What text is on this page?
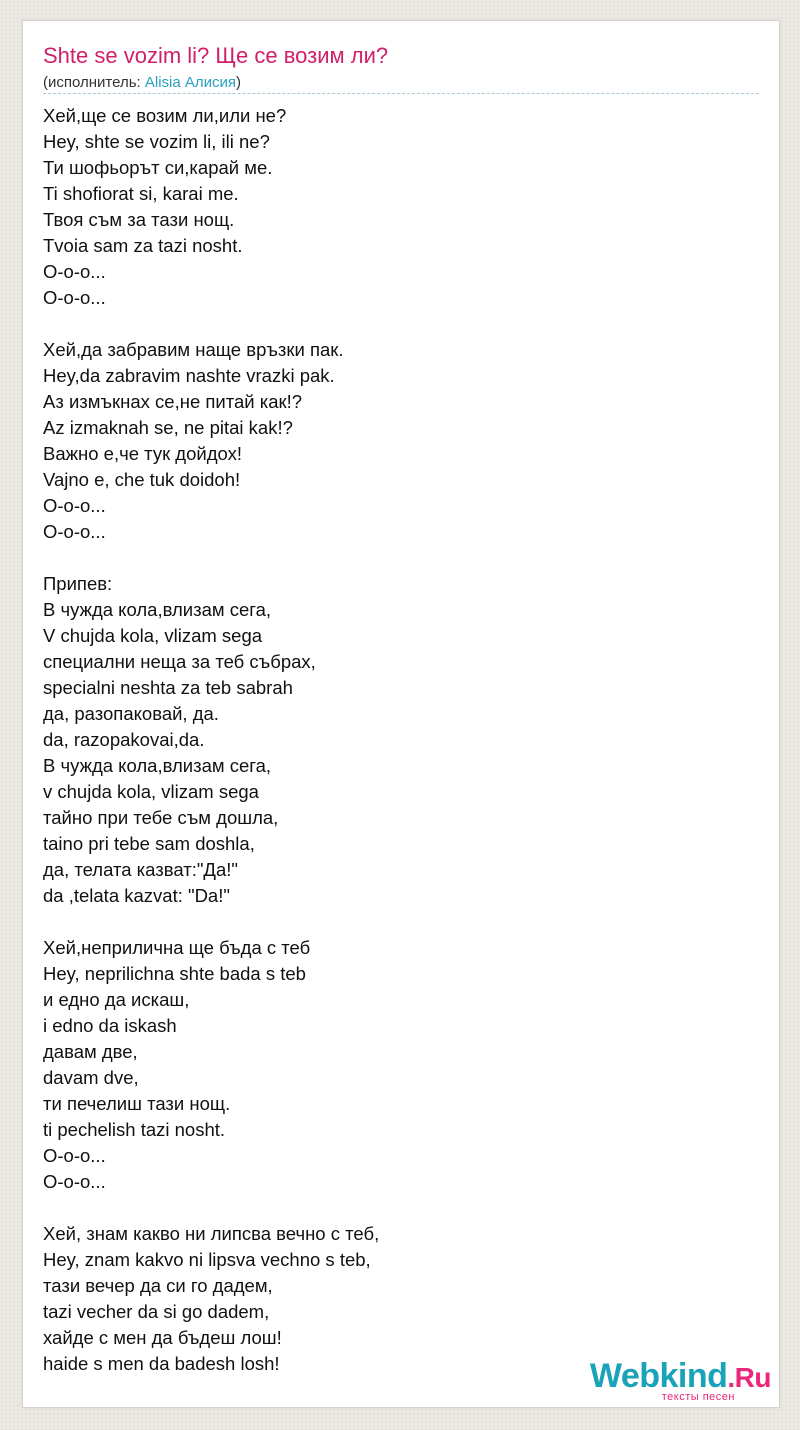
Shte se vozim li? Ще се возим ли?
(исполнитель: Alisia Алисия)
Хей,ще се возим ли,или не?
Hey, shte se vozim li, ili ne?
Ти шофьорът си,карай ме.
Ti shofiorat si, karai me.
Твоя съм за тази нощ.
Tvoia sam za tazi nosht.
О-о-о...
O-o-o...
Хей,да забравим наще връзки пак.
Hey,da zabravim nashte vrazki pak.
Аз измъкнах се,не питай как!?
Az izmaknah se, ne pitai kak!?
Важно е,че тук дойдох!
Vajno e, che tuk doidoh!
О-о-о...
O-o-o...
Припев:
В чужда кола,влизам сега,
V chujda kola, vlizam sega
специални неща за теб събрах,
specialni neshta za teb sabrah
да, разопаковай, да.
da, razopakovai,da.
В чужда кола,влизам сега,
v chujda kola, vlizam sega
тайно при тебе съм дошла,
taino pri tebe sam doshla,
да, телата казват:"Да!"
da ,telata kazvat: "Da!"
Хей,неприлична ще бъда с теб
Hey, neprilichna shte bada s teb
и едно да искаш,
i edno da iskash
давам две,
davam dve,
ти печелиш тази нощ.
ti pechelish tazi nosht.
О-о-о...
O-o-o...
Хей, знам какво ни липсва вечно с теб,
Hey, znam kakvo ni lipsva vechno s teb,
тази вечер да си го дадем,
tazi vecher da si go dadem,
хайде с мен да бъдеш лош!
haide s men da badesh losh!	Webkind.Ru
тексты песен
